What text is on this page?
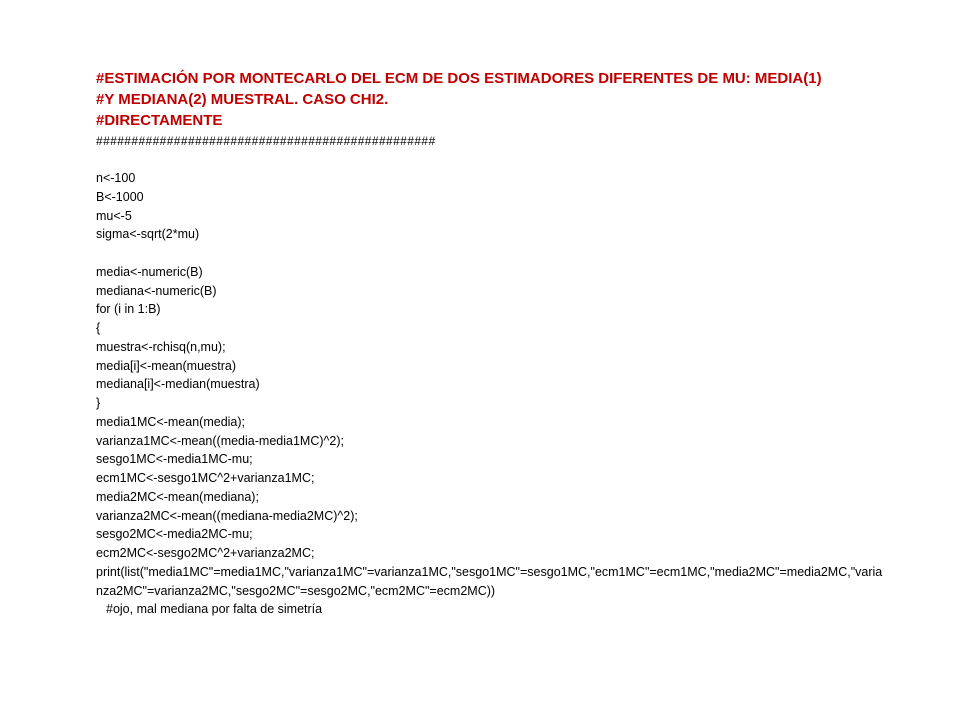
#ESTIMACIÓN POR MONTECARLO DEL ECM DE DOS ESTIMADORES DIFERENTES DE MU: MEDIA(1)
#Y MEDIANA(2) MUESTRAL. CASO CHI2.
#DIRECTAMENTE
################################################
n<-100
B<-1000
mu<-5
sigma<-sqrt(2*mu)
media<-numeric(B)
mediana<-numeric(B)
for (i in 1:B)
{
muestra<-rchisq(n,mu);
media[i]<-mean(muestra)
mediana[i]<-median(muestra)
}
media1MC<-mean(media);
varianza1MC<-mean((media-media1MC)^2);
sesgo1MC<-media1MC-mu;
ecm1MC<-sesgo1MC^2+varianza1MC;
media2MC<-mean(mediana);
varianza2MC<-mean((mediana-media2MC)^2);
sesgo2MC<-media2MC-mu;
ecm2MC<-sesgo2MC^2+varianza2MC;
print(list("media1MC"=media1MC,"varianza1MC"=varianza1MC,"sesgo1MC"=sesgo1MC,"ecm1MC"=ecm1MC,"media2MC"=media2MC,"varianza2MC"=varianza2MC,"sesgo2MC"=sesgo2MC,"ecm2MC"=ecm2MC))
#ojo, mal mediana por falta de simetría
